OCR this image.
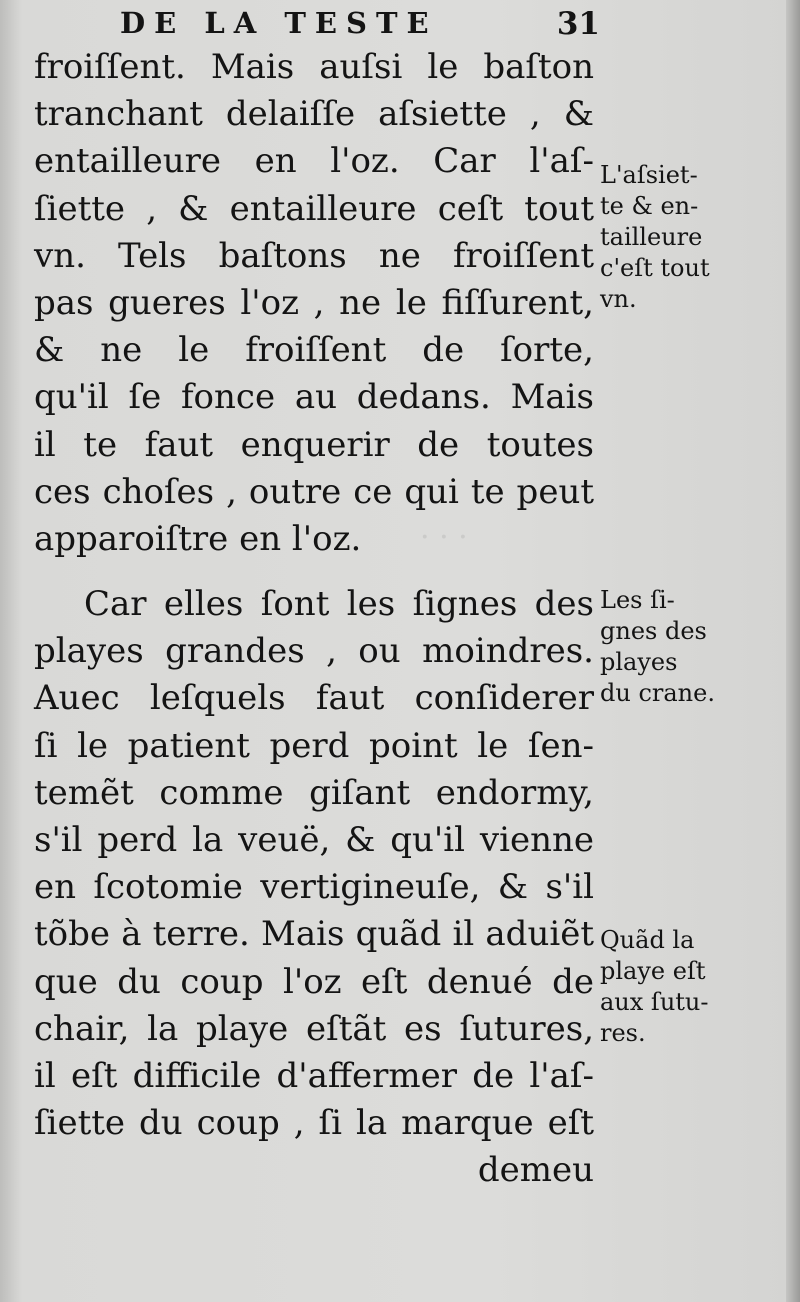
· · ·
DE LA TESTE	31
froiſſent. Mais auſsi le baſton
tranchant delaiſſe aſsiette , &
entailleure en l'oz. Car l'aſ-
ſiette , & entailleure ceſt tout
vn. Tels baſtons ne froiſſent
pas gueres l'oz , ne le fiſſurent,
& ne le froiſſent de ſorte,
qu'il ſe fonce au dedans. Mais
il te faut enquerir de toutes
ces choſes , outre ce qui te peut
apparoiſtre en l'oz.
Car elles ſont les ſignes des
playes grandes , ou moindres.
Auec leſquels faut conſiderer
ſi le patient perd point le ſen-
temẽt comme giſant endormy,
s'il perd la veuë, & qu'il vienne
en ſcotomie vertigineuſe, & s'il
tõbe à terre. Mais quãd il aduiẽt
que du coup l'oz eſt denué de
chair, la playe eſtãt es ſutures,
il eſt difficile d'affermer de l'aſ-
ſiette du coup , ſi la marque eſt
demeu
L'aſsiet-
te & en-
tailleure
c'eſt tout
vn.
Les ſi-
gnes des
playes
du crane.
Quãd la
playe eſt
aux ſutu-
res.
